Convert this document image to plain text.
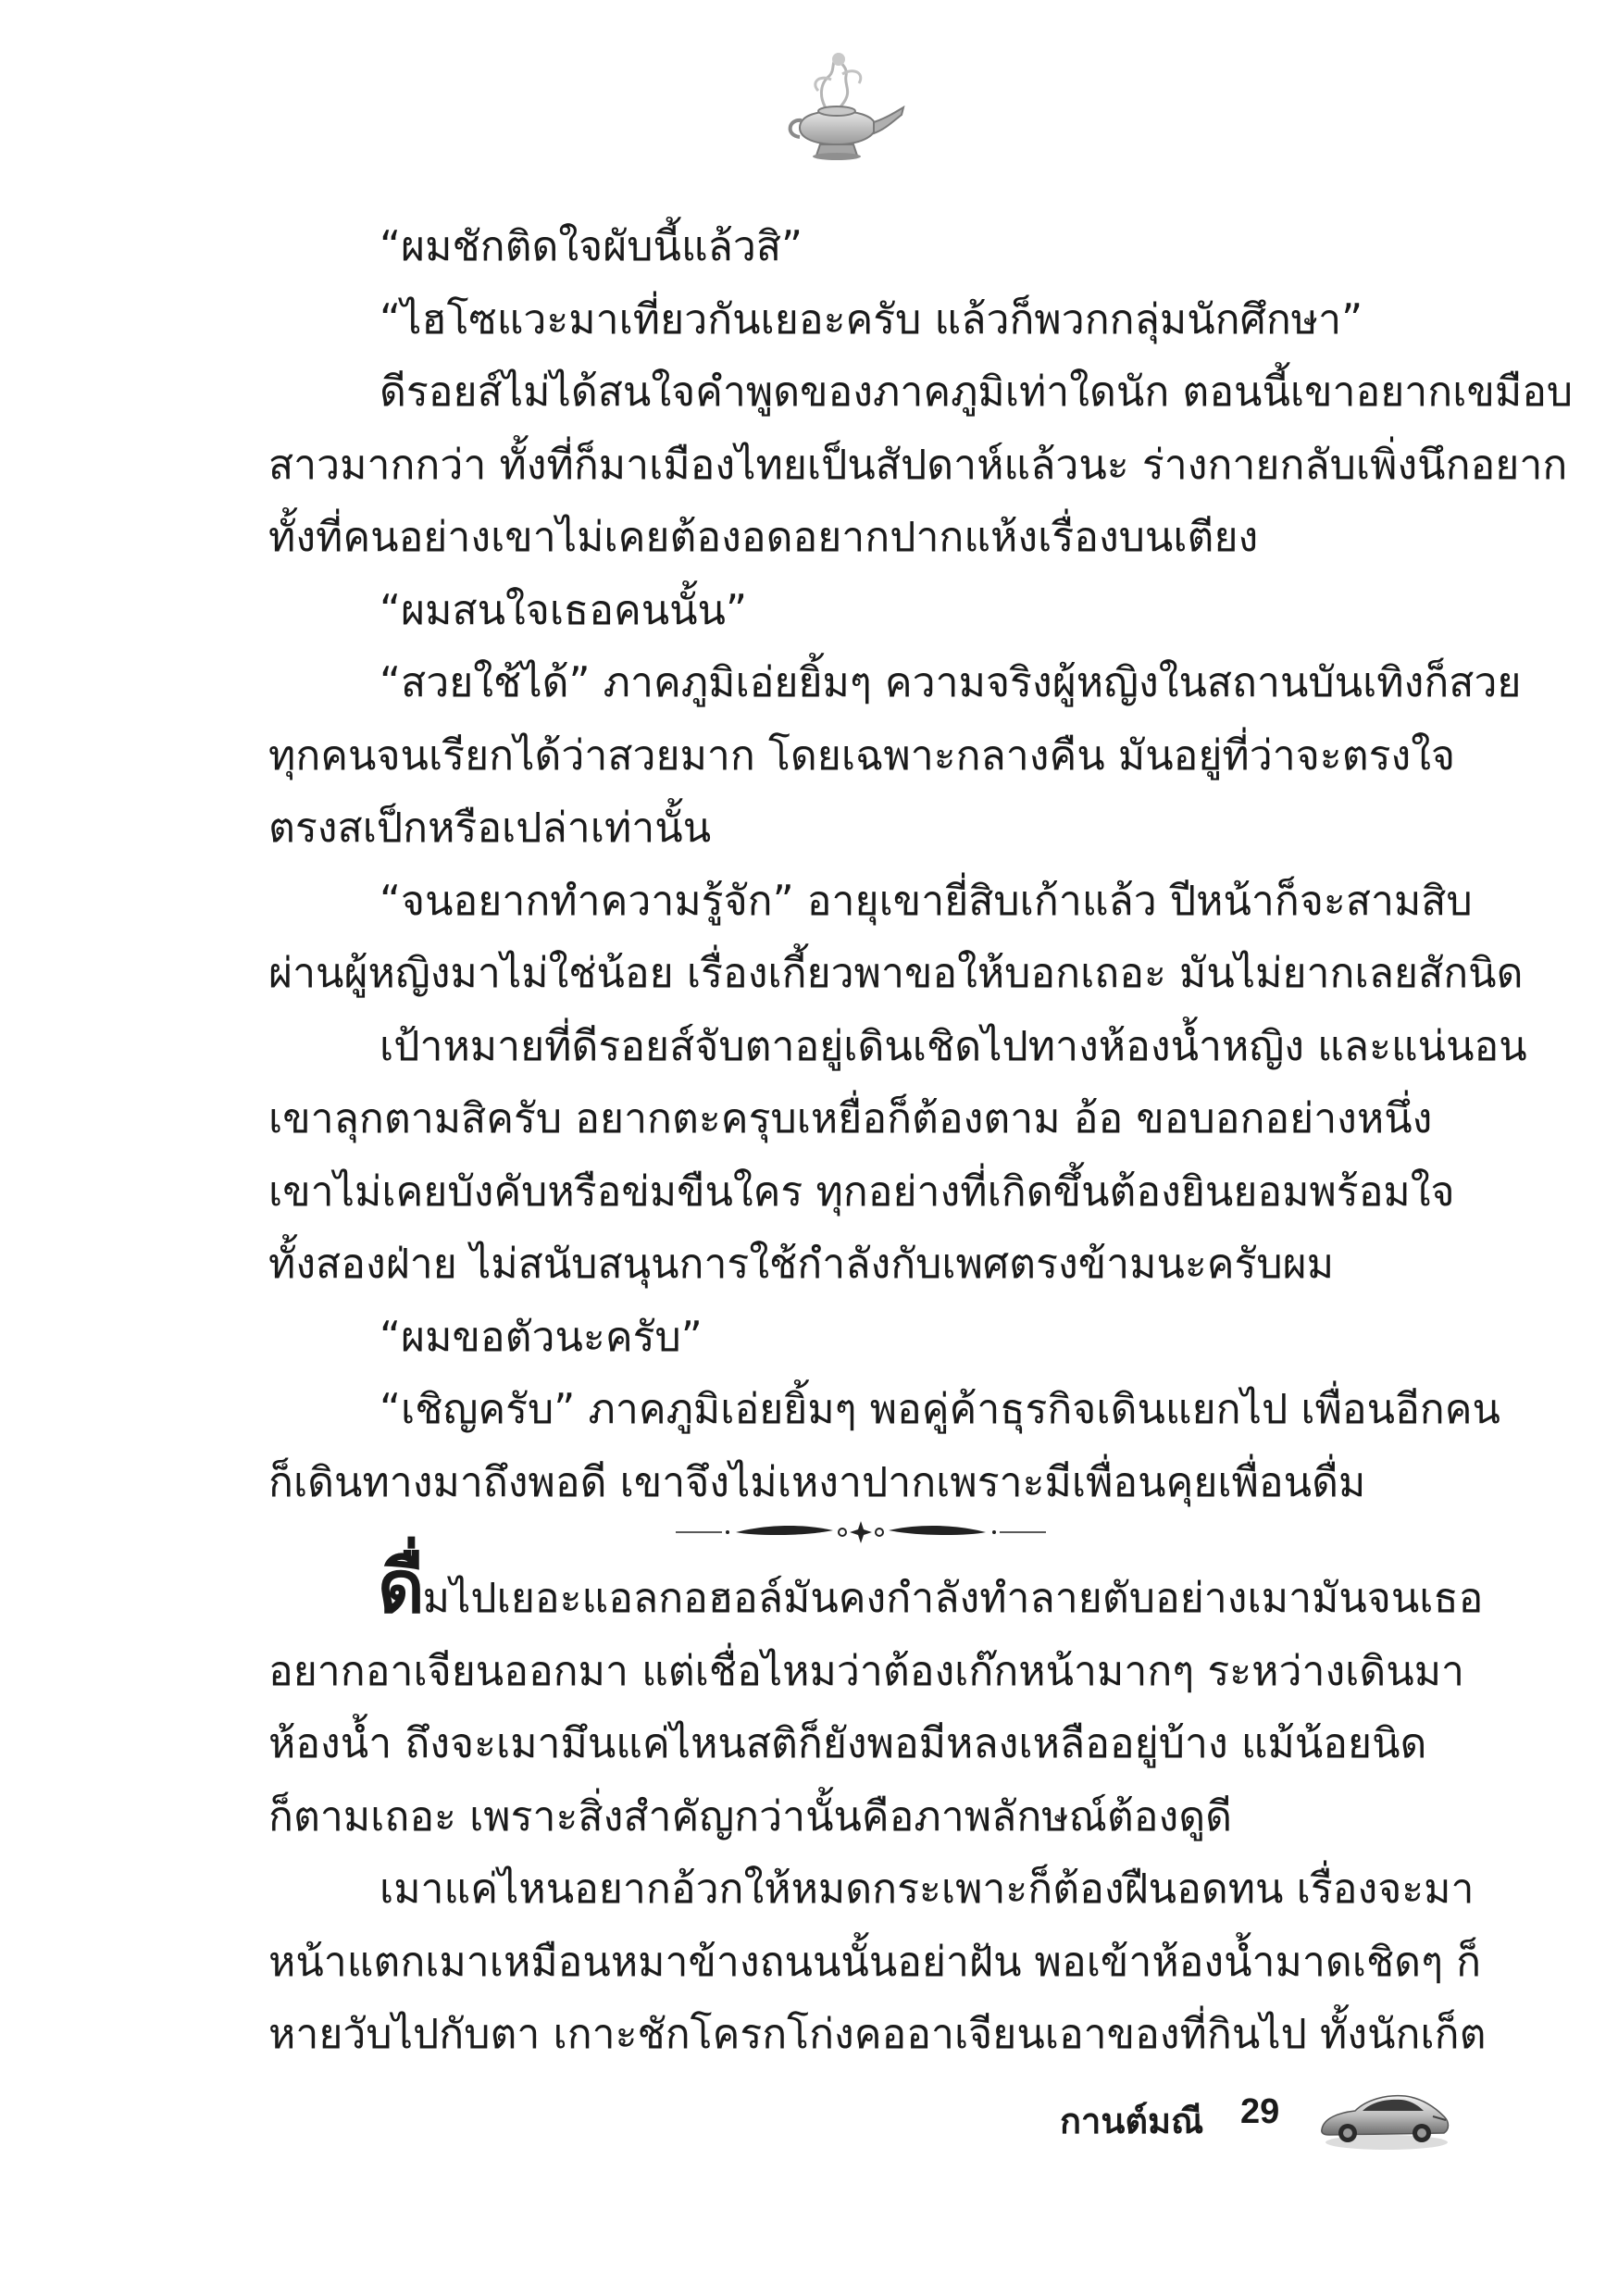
“ผมชักติดใจผับนี้แล้วสิ”

“ไฮโซแวะมาเที่ยวกันเยอะครับ แล้วก็พวกกลุ่มนักศึกษา”

ดีรอยส์ไม่ได้สนใจคำพูดของภาคภูมิเท่าใดนัก ตอนนี้เขาอยากเขมือบ

สาวมากกว่า ทั้งที่ก็มาเมืองไทยเป็นสัปดาห์แล้วนะ ร่างกายกลับเพิ่งนึกอยาก

ทั้งที่คนอย่างเขาไม่เคยต้องอดอยากปากแห้งเรื่องบนเตียง

“ผมสนใจเธอคนนั้น”

“สวยใช้ได้” ภาคภูมิเอ่ยยิ้มๆ ความจริงผู้หญิงในสถานบันเทิงก็สวย

ทุกคนจนเรียกได้ว่าสวยมาก โดยเฉพาะกลางคืน มันอยู่ที่ว่าจะตรงใจ

ตรงสเป็กหรือเปล่าเท่านั้น

“จนอยากทำความรู้จัก” อายุเขายี่สิบเก้าแล้ว ปีหน้าก็จะสามสิบ

ผ่านผู้หญิงมาไม่ใช่น้อย เรื่องเกี้ยวพาขอให้บอกเถอะ มันไม่ยากเลยสักนิด

เป้าหมายที่ดีรอยส์จับตาอยู่เดินเชิดไปทางห้องน้ำหญิง และแน่นอน

เขาลุกตามสิครับ อยากตะครุบเหยื่อก็ต้องตาม อ้อ ขอบอกอย่างหนึ่ง

เขาไม่เคยบังคับหรือข่มขืนใคร ทุกอย่างที่เกิดขึ้นต้องยินยอมพร้อมใจ

ทั้งสองฝ่าย ไม่สนับสนุนการใช้กำลังกับเพศตรงข้ามนะครับผม

“ผมขอตัวนะครับ”

“เชิญครับ” ภาคภูมิเอ่ยยิ้มๆ พอคู่ค้าธุรกิจเดินแยกไป เพื่อนอีกคน

ก็เดินทางมาถึงพอดี เขาจึงไม่เหงาปากเพราะมีเพื่อนคุยเพื่อนดื่ม

ดื่มไปเยอะแอลกอฮอล์มันคงกำลังทำลายตับอย่างเมามันจนเธอ

อยากอาเจียนออกมา แต่เชื่อไหมว่าต้องเก๊กหน้ามากๆ ระหว่างเดินมา

ห้องน้ำ ถึงจะเมามึนแค่ไหนสติก็ยังพอมีหลงเหลืออยู่บ้าง แม้น้อยนิด

ก็ตามเถอะ เพราะสิ่งสำคัญกว่านั้นคือภาพลักษณ์ต้องดูดี

เมาแค่ไหนอยากอ้วกให้หมดกระเพาะก็ต้องฝืนอดทน เรื่องจะมา

หน้าแตกเมาเหมือนหมาข้างถนนนั้นอย่าฝัน พอเข้าห้องน้ำมาดเชิดๆ ก็

หายวับไปกับตา เกาะชักโครกโก่งคออาเจียนเอาของที่กินไป ทั้งนักเก็ต

กานต์มณี 29
